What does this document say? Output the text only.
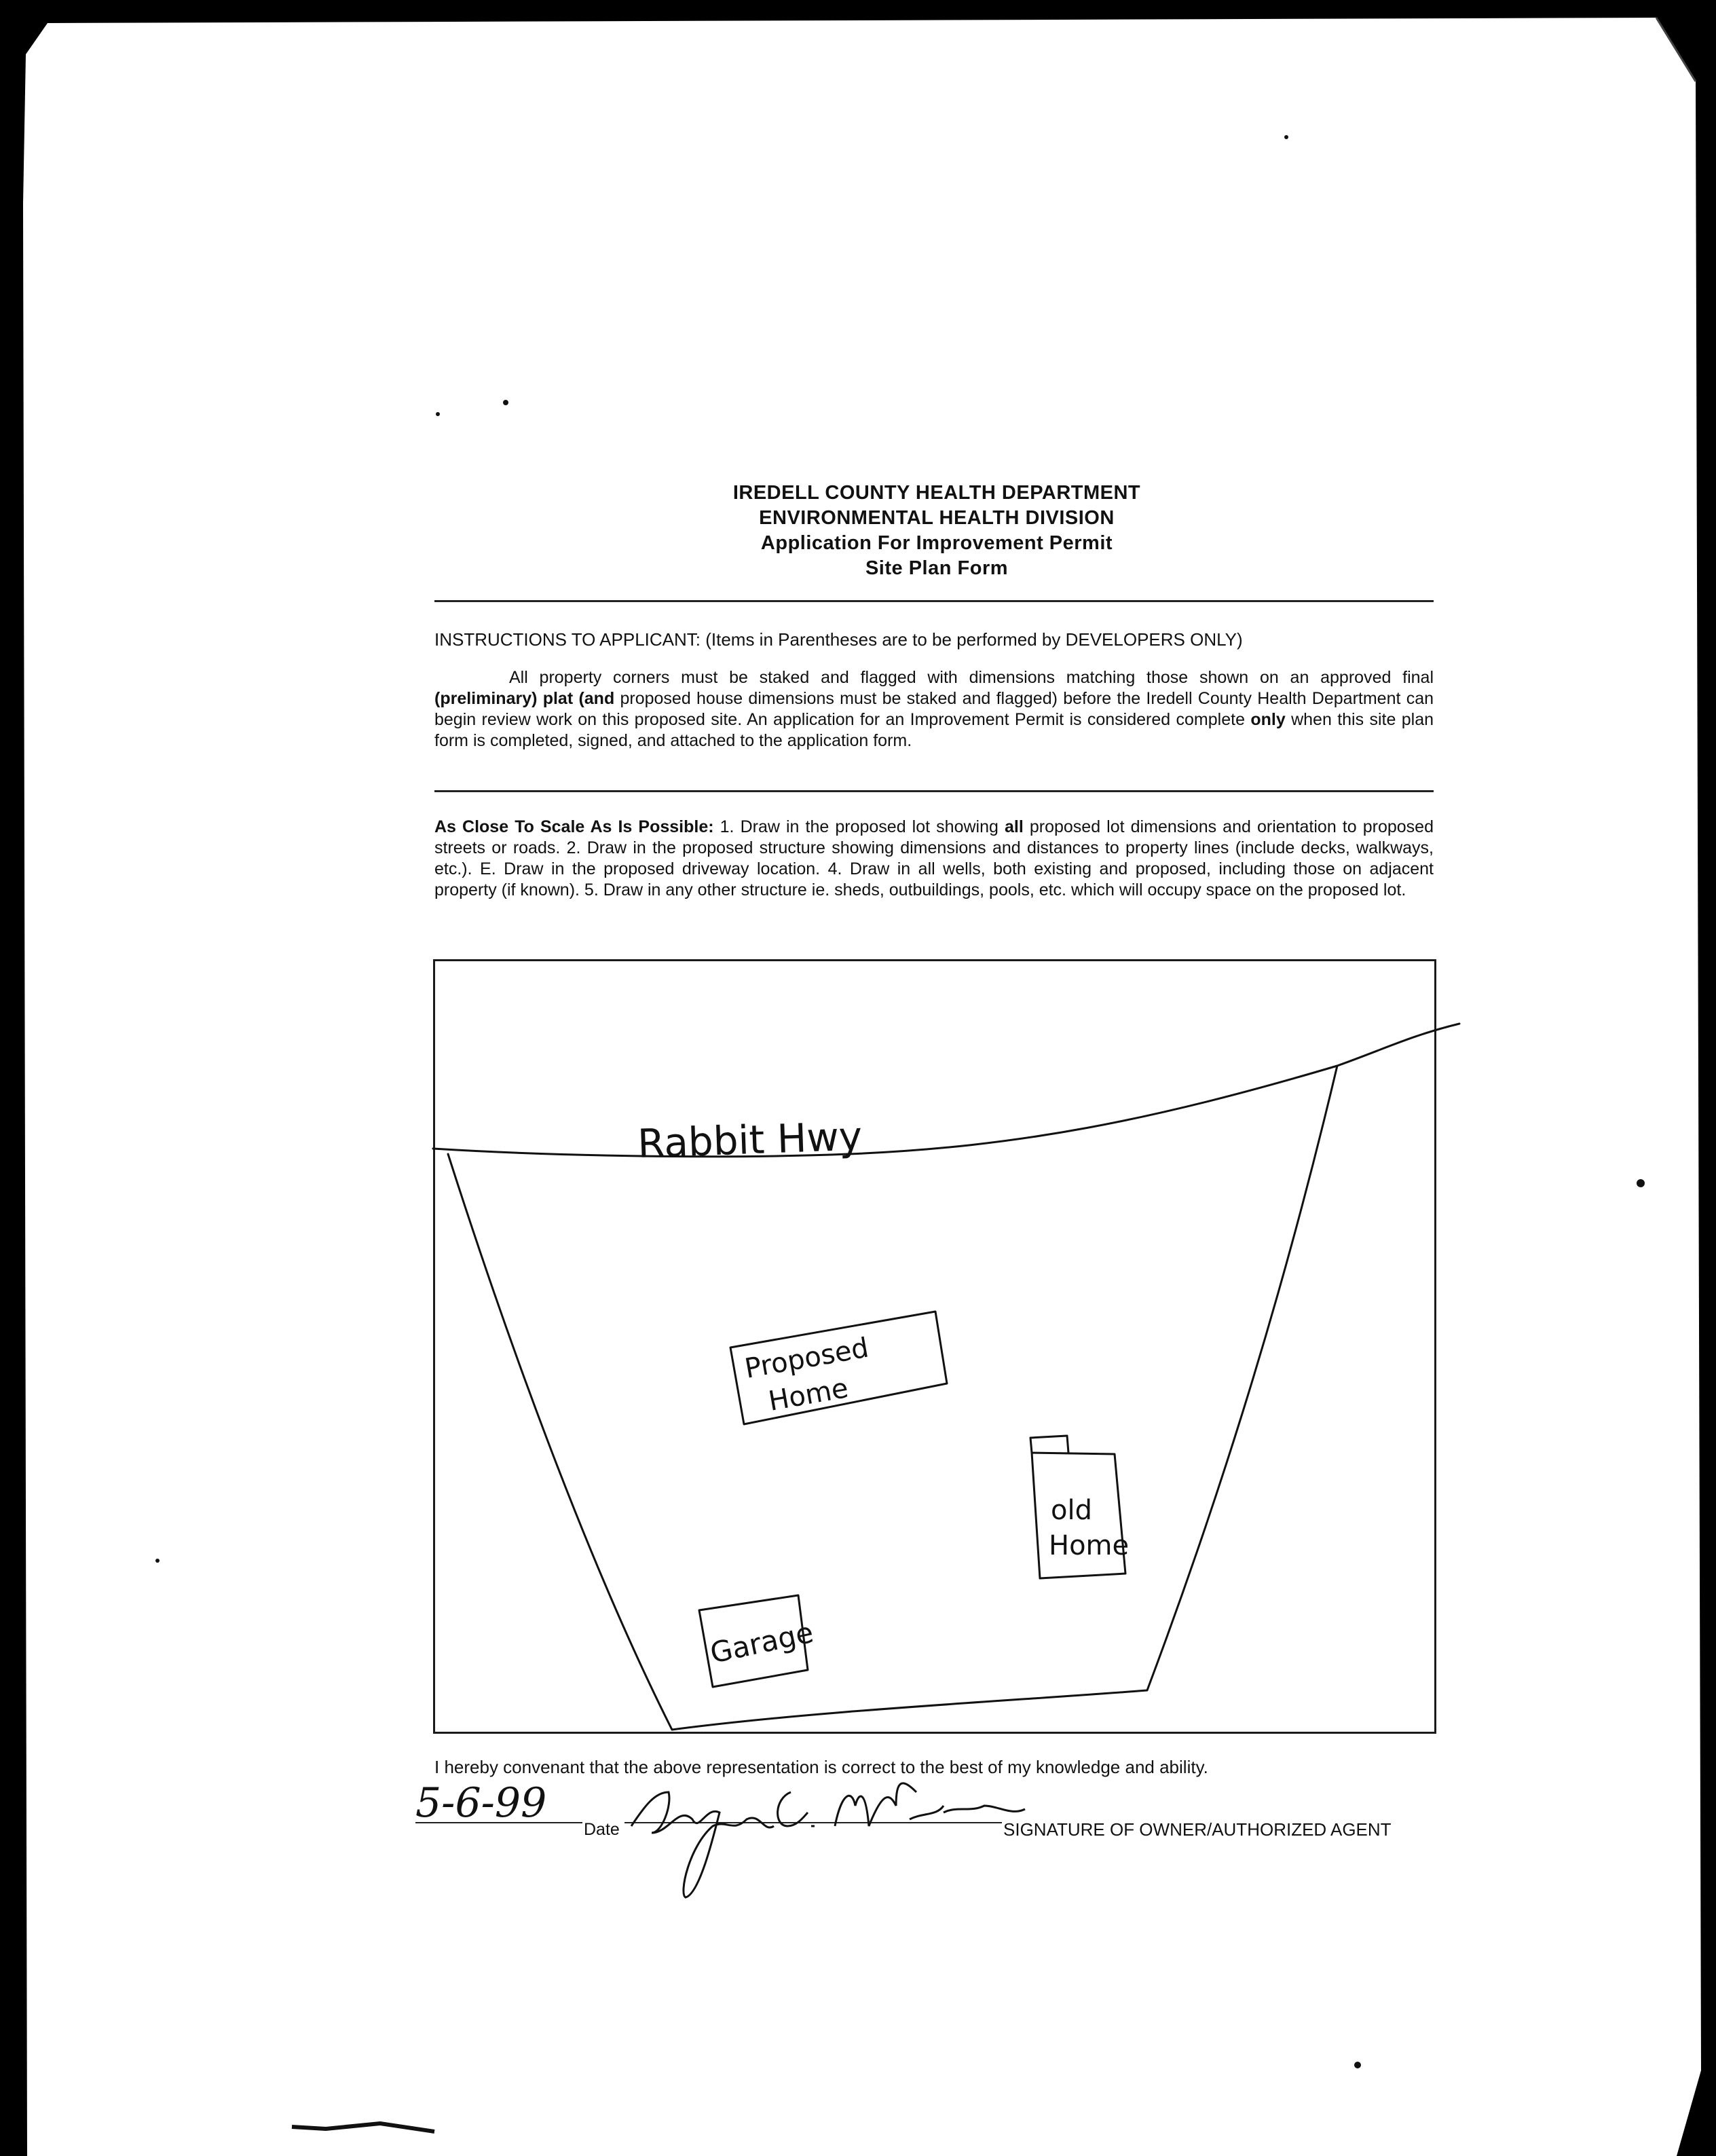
IREDELL COUNTY HEALTH DEPARTMENT
ENVIRONMENTAL HEALTH DIVISION
Application For Improvement Permit
Site Plan Form
INSTRUCTIONS TO APPLICANT: (Items in Parentheses are to be performed by DEVELOPERS ONLY)
All property corners must be staked and flagged with dimensions matching those shown on an approved final (preliminary) plat (and proposed house dimensions must be staked and flagged) before the Iredell County Health Department can begin review work on this proposed site. An application for an Improvement Permit is considered complete only when this site plan form is completed, signed, and attached to the application form.
As Close To Scale As Is Possible: 1. Draw in the proposed lot showing all proposed lot dimensions and orientation to proposed streets or roads. 2. Draw in the proposed structure showing dimensions and distances to property lines (include decks, walkways, etc.). E. Draw in the proposed driveway location. 4. Draw in all wells, both existing and proposed, including those on adjacent property (if known). 5. Draw in any other structure ie. sheds, outbuildings, pools, etc. which will occupy space on the proposed lot.
Rabbit Hwy
Proposed
Home
old
Home
Garage
I hereby convenant that the above representation is correct to the best of my knowledge and ability.
5-6-99
Date	SIGNATURE OF OWNER/AUTHORIZED AGENT
